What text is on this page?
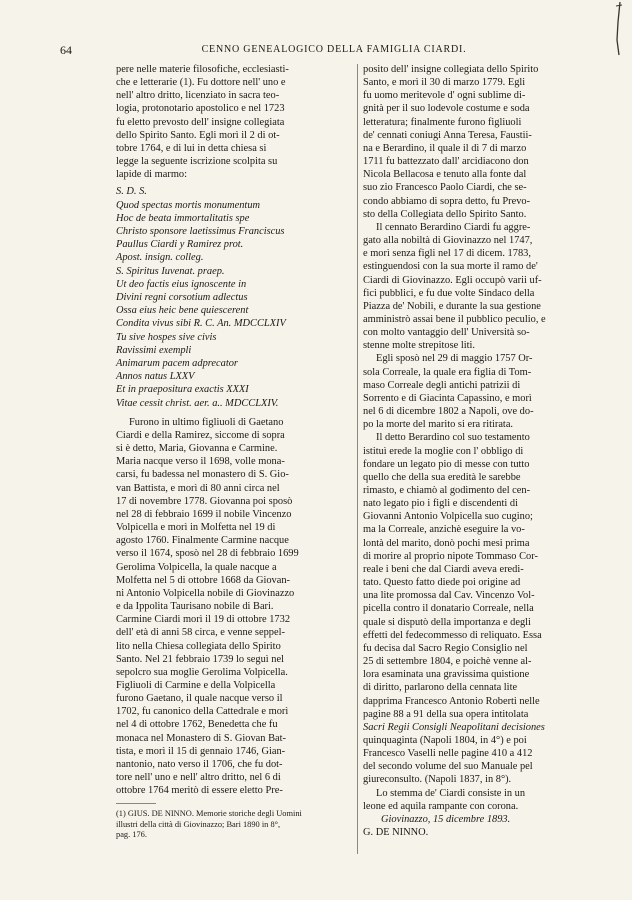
64	CENNO GENEALOGICO DELLA FAMIGLIA CIARDI.

pere nelle materie filosofiche, ecclesiasti-

che e letterarie (1). Fu dottore nell' uno e

nell' altro dritto, licenziato in sacra teo-

logia, protonotario apostolico e nel 1723

fu eletto prevosto dell' insigne collegiata

dello Spirito Santo. Egli morì il 2 di ot-

tobre 1764, e di lui in detta chiesa si

legge la seguente iscrizione scolpita su

lapide di marmo:

S. D. S.

Quod spectas mortis monumentum

Hoc de beata immortalitatis spe

Christo sponsore laetissimus Franciscus

Paullus Ciardi y Ramirez prot.

Apost. insign. colleg.

S. Spiritus Iuvenat. praep.

Ut deo factis eius ignoscente in

Divini regni corsotium adlectus

Ossa eius heic bene quiescerent

Condita vivus sibi R. C. An. MDCCLXIV

Tu sive hospes sive civis

Ravissimi exempli

Animarum pacem adprecator

Annos natus LXXV

Et in praepositura exactis XXXI

Vitae cessit christ. aer. a.. MDCCLXIV.

Furono in ultimo figliuoli di Gaetano

Ciardi e della Ramirez, siccome di sopra

si è detto, Maria, Giovanna e Carmine.

Maria nacque verso il 1698, volle mona-

carsi, fu badessa nel monastero di S. Gio-

van Battista, e morì di 80 anni circa nel

17 di novembre 1778. Giovanna poi sposò

nel 28 di febbraio 1699 il nobile Vincenzo

Volpicella e morì in Molfetta nel 19 di

agosto 1760. Finalmente Carmine nacque

verso il 1674, sposò nel 28 di febbraio 1699

Gerolima Volpicella, la quale nacque a

Molfetta nel 5 di ottobre 1668 da Giovan-

ni Antonio Volpicella nobile di Giovinazzo

e da Ippolita Taurisano nobile di Bari.

Carmine Ciardi morì il 19 di ottobre 1732

dell' età di anni 58 circa, e venne seppel-

lito nella Chiesa collegiata dello Spirito

Santo. Nel 21 febbraio 1739 lo seguì nel

sepolcro sua moglie Gerolima Volpicella.

Figliuoli di Carmine e della Volpicella

furono Gaetano, il quale nacque verso il

1702, fu canonico della Cattedrale e morì

nel 4 di ottobre 1762, Benedetta che fu

monaca nel Monastero di S. Giovan Bat-

tista, e morì il 15 di gennaio 1746, Gian-

nantonio, nato verso il 1706, che fu dot-

tore nell' uno e nell' altro dritto, nel 6 di

ottobre 1764 meritò di essere eletto Pre-

(1) GIUS. DE NINNO. Memorie storiche degli Uomini

illustri della città di Giovinazzo; Bari 1890 in 8°,

pag. 176.

posito dell' insigne collegiata dello Spirito

Santo, e morì il 30 di marzo 1779. Egli

fu uomo meritevole d' ogni sublime di-

gnità per il suo lodevole costume e soda

letteratura; finalmente furono figliuoli

de' cennati coniugi Anna Teresa, Faustii-

na e Berardino, il quale il dì 7 di marzo

1711 fu battezzato dall' arcidiacono don

Nicola Bellacosa e tenuto alla fonte dal

suo zio Francesco Paolo Ciardi, che se-

condo abbiamo di sopra detto, fu Prevo-

sto della Collegiata dello Spirito Santo.

Il cennato Berardino Ciardi fu aggre-

gato alla nobiltà di Giovinazzo nel 1747,

e morì senza figli nel 17 di dicem. 1783,

estinguendosi con la sua morte il ramo de'

Ciardi di Giovinazzo. Egli occupò varii uf-

fici pubblici, e fu due volte Sindaco della

Piazza de' Nobili, e durante la sua gestione

amministrò assai bene il pubblico peculio, e

con molto vantaggio dell' Università so-

stenne molte strepitose liti.

Egli sposò nel 29 di maggio 1757 Or-

sola Correale, la quale era figlia di Tom-

maso Correale degli antichi patrizii di

Sorrento e di Giacinta Capassino, e morì

nel 6 di dicembre 1802 a Napoli, ove do-

po la morte del marito si era ritirata.

Il detto Berardino col suo testamento

istituì erede la moglie con l' obbligo di

fondare un legato pio di messe con tutto

quello che della sua eredità le sarebbe

rimasto, e chiamò al godimento del cen-

nato legato pio i figli e discendenti di

Giovanni Antonio Volpicella suo cugino;

ma la Correale, anzichè eseguire la vo-

lontà del marito, donò pochi mesi prima

di morire al proprio nipote Tommaso Cor-

reale i beni che dal Ciardi aveva eredi-

tato. Questo fatto diede poi origine ad

una lite promossa dal Cav. Vincenzo Vol-

picella contro il donatario Correale, nella

quale si disputò della importanza e degli

effetti del fedecommesso di reliquato. Essa

fu decisa dal Sacro Regio Consiglio nel

25 di settembre 1804, e poichè venne al-

lora esaminata una gravissima quistione

di diritto, parlarono della cennata lite

dapprima Francesco Antonio Roberti nelle

pagine 88 a 91 della sua opera intitolata

Sacri Regii Consigli Neapolitani decisiones

quinquaginta (Napoli 1804, in 4°) e poi

Francesco Vaselli nelle pagine 410 a 412

del secondo volume del suo Manuale pel

giureconsulto. (Napoli 1837, in 8°).

Lo stemma de' Ciardi consiste in un

leone ed aquila rampante con corona.

Giovinazzo, 15 dicembre 1893.

G. DE NINNO.
